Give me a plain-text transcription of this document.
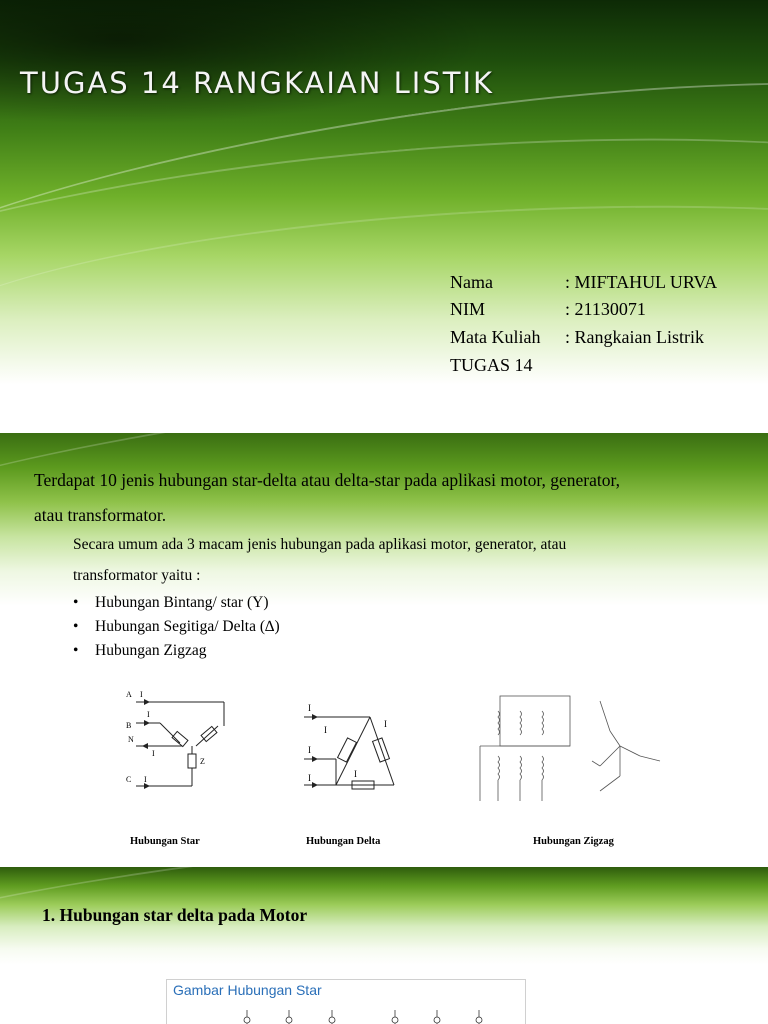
TUGAS 14 RANGKAIAN LISTIK
Nama	: MIFTAHUL URVA
NIM	: 21130071
Mata Kuliah : Rangkaian Listrik
TUGAS 14
Terdapat 10 jenis hubungan star-delta atau delta-star pada aplikasi motor, generator,
atau transformator.
Secara umum ada 3 macam jenis hubungan pada aplikasi motor, generator, atau
transformator yaitu :
• Hubungan Bintang/ star (Y)
• Hubungan Segitiga/ Delta (∆)
• Hubungan Zigzag
A I
B
I
N
I
C I
Z
I
I
I
I
I
I
Hubungan Star	Hubungan Delta	Hubungan Zigzag
1. Hubungan star delta pada Motor
Gambar Hubungan Star
